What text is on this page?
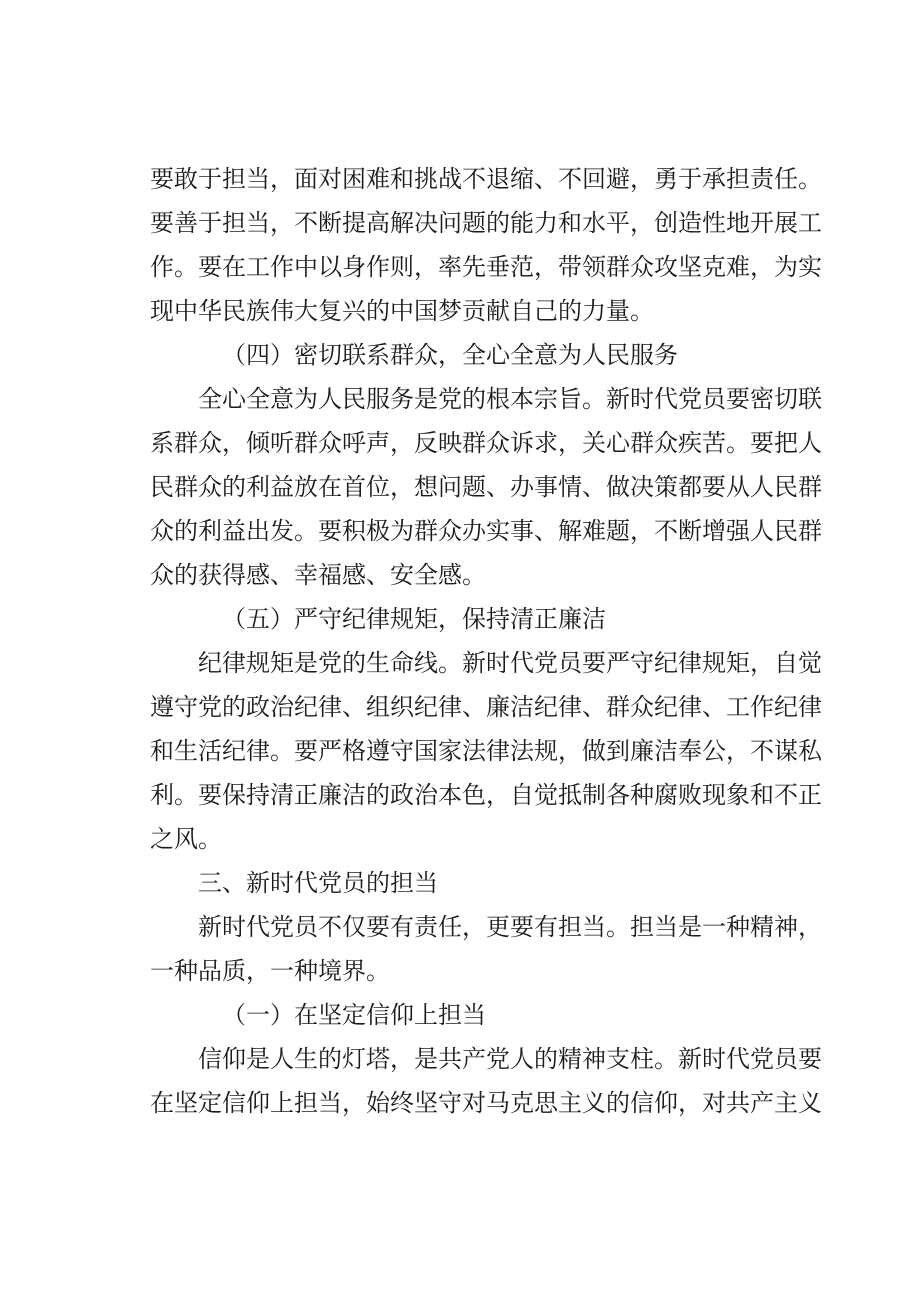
要敢于担当，面对困难和挑战不退缩、不回避，勇于承担责任。
要善于担当，不断提高解决问题的能力和水平，创造性地开展工
作。要在工作中以身作则，率先垂范，带领群众攻坚克难，为实
现中华民族伟大复兴的中国梦贡献自己的力量。
（四）密切联系群众，全心全意为人民服务
全心全意为人民服务是党的根本宗旨。新时代党员要密切联
系群众，倾听群众呼声，反映群众诉求，关心群众疾苦。要把人
民群众的利益放在首位，想问题、办事情、做决策都要从人民群
众的利益出发。要积极为群众办实事、解难题，不断增强人民群
众的获得感、幸福感、安全感。
（五）严守纪律规矩，保持清正廉洁
纪律规矩是党的生命线。新时代党员要严守纪律规矩，自觉
遵守党的政治纪律、组织纪律、廉洁纪律、群众纪律、工作纪律
和生活纪律。要严格遵守国家法律法规，做到廉洁奉公，不谋私
利。要保持清正廉洁的政治本色，自觉抵制各种腐败现象和不正
之风。
三、新时代党员的担当
新时代党员不仅要有责任，更要有担当。担当是一种精神，
一种品质，一种境界。
（一）在坚定信仰上担当
信仰是人生的灯塔，是共产党人的精神支柱。新时代党员要
在坚定信仰上担当，始终坚守对马克思主义的信仰，对共产主义
